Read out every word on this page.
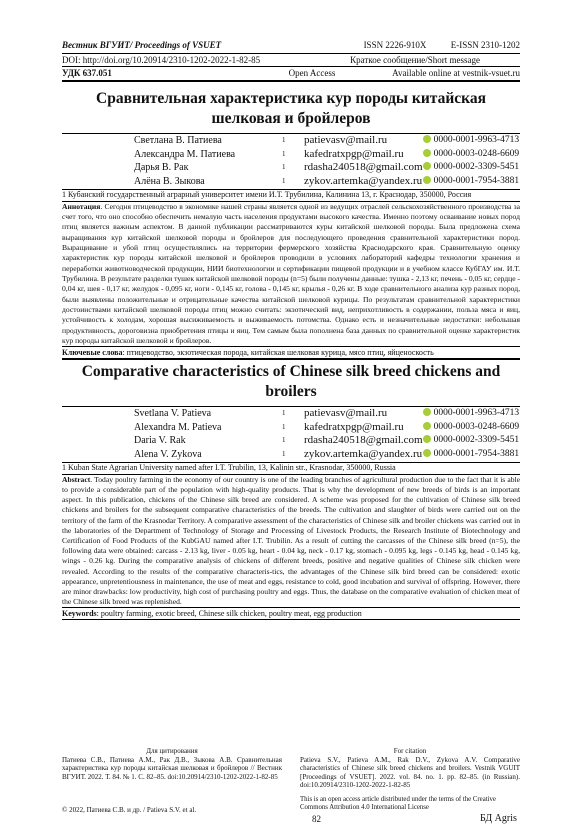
Вестник ВГУИТ/ Proceedings of VSUET	ISSN 2226-910X	E-ISSN 2310-1202
DOI: http://doi.org/10.20914/2310-1202-2022-1-82-85	Краткое сообщение/Short message
УДК 637.051	Open Access	Available online at vestnik-vsuet.ru
Сравнительная характеристика кур породы китайская шелковая и бройлеров
Светлана В. Патиева	1	patievasv@mail.ru	0000-0001-9963-4713
Александра М. Патиева	1	kafedratxpgp@mail.ru	0000-0003-0248-6609
Дарья В. Рак	1	rdasha240518@gmail.com	0000-0002-3309-5451
Алёна В. Зыкова	1	zykov.artemka@yandex.ru	0000-0001-7954-3881
1 Кубанский государственный аграрный университет имени И.Т. Трубилина, Калинина 13, г. Краснодар, 350000, Россия
Аннотация. Сегодня птицеводство в экономике нашей страны является одной из ведущих отраслей сельскохозяйственного производства за счет того, что оно способно обеспечить немалую часть населения продуктами высокого качества. Именно поэтому осваивание новых пород птиц является важным аспектом. В данной публикации рассматриваются куры китайской шелковой породы. Была предложена схема выращивания кур китайской шелковой породы и бройлеров для последующего проведения сравнительной характеристики пород. Выращивание и убой птиц осуществлялись на территории фермерского хозяйства Краснодарского края. Сравнительную оценку характеристик кур породы китайской шелковой и бройлеров проводили в условиях лабораторий кафедры технологии хранения и переработки животноводческой продукции, НИИ биотехнологии и сертификации пищевой продукции и в учебном классе КубГАУ им. И.Т. Трубилина. В результате разделки тушек китайской шелковой породы (n=5) были получены данные: тушка - 2,13 кг, печень - 0,05 кг, сердце - 0,04 кг, шея - 0,17 кг, желудок - 0,095 кг, ноги - 0,145 кг, голова - 0,145 кг, крылья - 0,26 кг. В ходе сравнительного анализа кур разных пород, были выявлены положительные и отрицательные качества китайской шелковой курицы. По результатам сравнительной характеристики достоинствами китайской шелковой породы птиц можно считать: экзотический вид, неприхотливость в содержании, польза мяса и яиц, устойчивость к холодам, хорошая высиживаемость и выживаемость потомства. Однако есть и незначительные недостатки: небольшая продуктивность, дороговизна приобретения птицы и яиц. Тем самым была пополнена база данных по сравнительной оценке характеристик кур породы китайской шелковой и бройлеров.
Ключевые слова: птицеводство, экзотическая порода, китайская шелковая курица, мясо птиц, яйценоскость
Comparative characteristics of Chinese silk breed chickens and broilers
Svetlana V. Patieva	1	patievasv@mail.ru	0000-0001-9963-4713
Alexandra M. Patieva	1	kafedratxpgp@mail.ru	0000-0003-0248-6609
Daria V. Rak	1	rdasha240518@gmail.com	0000-0002-3309-5451
Alena V. Zykova	1	zykov.artemka@yandex.ru	0000-0001-7954-3881
1 Kuban State Agrarian University named after I.T. Trubilin, 13, Kalinin str., Krasnodar, 350000, Russia
Abstract. Today poultry farming in the economy of our country is one of the leading branches of agricultural production due to the fact that it is able to provide a considerable part of the population with high-quality products. That is why the development of new breeds of birds is an important aspect. In this publication, chickens of the Chinese silk breed are considered. A scheme was proposed for the cultivation of Chinese silk breed chickens and broilers for the subsequent comparative characteristics of the breeds. The cultivation and slaughter of birds were carried out on the territory of the farm of the Krasnodar Territory. A comparative assessment of the characteristics of Chinese silk and broiler chickens was carried out in the laboratories of the Department of Technology of Storage and Processing of Livestock Products, the Research Institute of Biotechnology and Certification of Food Products of the KubGAU named after I.T. Trubilin. As a result of cutting the carcasses of the Chinese silk breed (n=5), the following data were obtained: carcass - 2.13 kg, liver - 0.05 kg, heart - 0.04 kg, neck - 0.17 kg, stomach - 0.095 kg, legs - 0.145 kg, head - 0.145 kg, wings - 0.26 kg. During the comparative analysis of chickens of different breeds, positive and negative qualities of Chinese silk chicken were revealed. According to the results of the comparative characteris-tics, the advantages of the Chinese silk bird breed can be considered: exotic appearance, unpretentiousness in maintenance, the use of meat and eggs, resistance to cold, good incubation and survival of offspring. However, there are minor drawbacks: low productivity, high cost of purchasing poultry and eggs. Thus, the database on the comparative evaluation of chicken meat of the Chinese silk breed was replenished.
Keywords: poultry farming, exotic breed, Chinese silk chicken, poultry meat, egg production
Для цитирования
Патиева С.В., Патиева А.М., Рак Д.В., Зыкова А.В. Сравнительная характеристика кур породы китайская шелковая и бройлеров // Вестник ВГУИТ. 2022. Т. 84. № 1. С. 82–85. doi:10.20914/2310-1202-2022-1-82-85
For citation
Patieva S.V., Patieva A.M., Rak D.V., Zykova A.V. Comparative characteristics of Chinese silk breed chickens and broilers. Vestnik VGUIT [Proceedings of VSUET]. 2022. vol. 84. no. 1. pp. 82–85. (in Russian). doi:10.20914/2310-1202-2022-1-82-85
© 2022, Патиева С.В. и др. / Patieva S.V. et al.
This is an open access article distributed under the terms of the Creative Commons Attribution 4.0 International License
82	БД Agris
